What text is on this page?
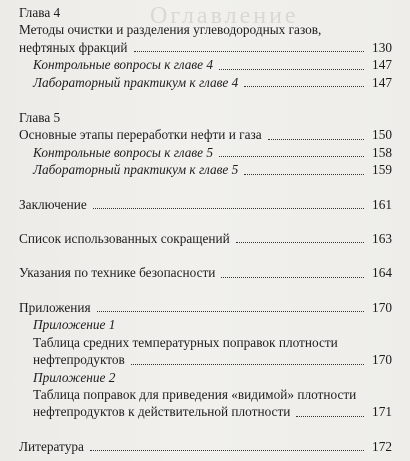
Оглавление
Глава 4
Методы очистки и разделения углеводородных газов,
нефтяных фракций	130
Контрольные вопросы к главе 4	147
Лабораторный практикум к главе 4	147
Глава 5
Основные этапы переработки нефти и газа	150
Контрольные вопросы к главе 5	158
Лабораторный практикум к главе 5	159
Заключение	161
Список использованных сокращений	163
Указания по технике безопасности	164
Приложения	170
Приложение 1
Таблица средних температурных поправок плотности
нефтепродуктов	170
Приложение 2
Таблица поправок для приведения «видимой» плотности
нефтепродуктов к действительной плотности	171
Литература	172
